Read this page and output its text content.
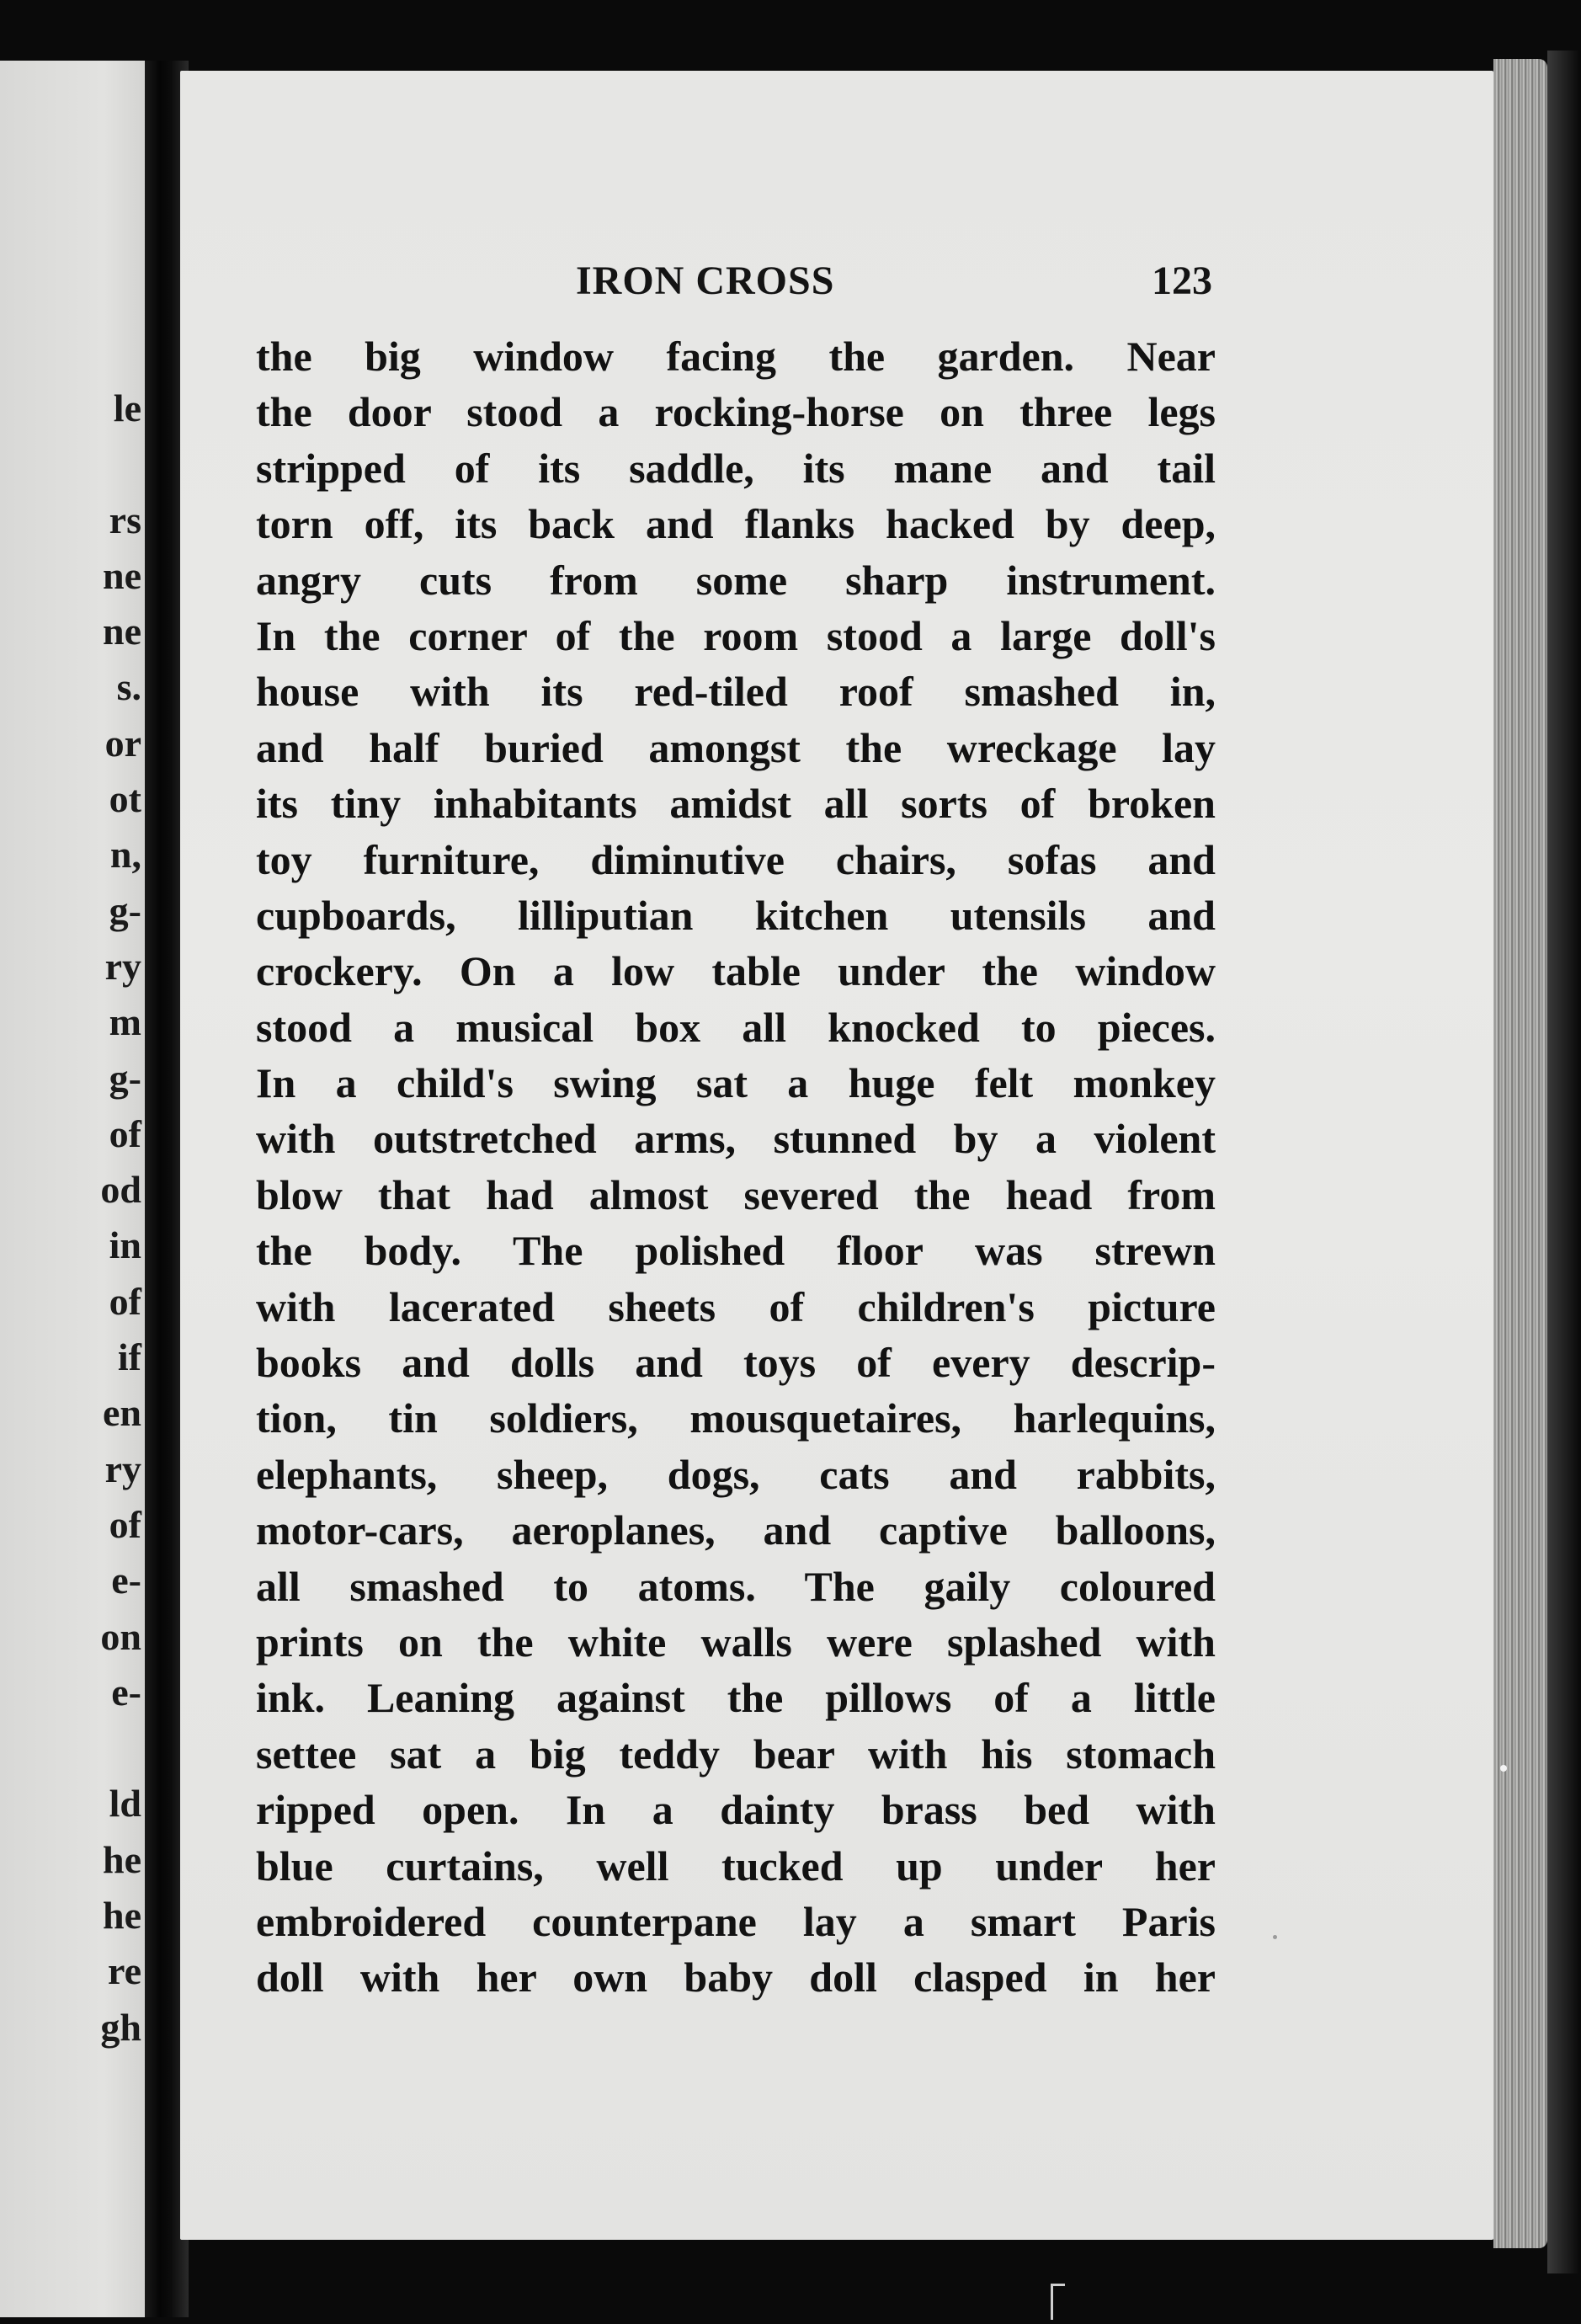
le
rs
ne
ne
s.
or
ot
n,
g-
ry
m
g-
of
od
in
of
if
en
ry
of
e-
on
e-
ld
he
he
re
gh
IRON CROSS	123
the big window facing the garden. Near
the door stood a rocking-horse on three legs
stripped of its saddle, its mane and tail
torn off, its back and flanks hacked by deep,
angry cuts from some sharp instrument.
In the corner of the room stood a large doll's
house with its red-tiled roof smashed in,
and half buried amongst the wreckage lay
its tiny inhabitants amidst all sorts of broken
toy furniture, diminutive chairs, sofas and
cupboards, lilliputian kitchen utensils and
crockery. On a low table under the window
stood a musical box all knocked to pieces.
In a child's swing sat a huge felt monkey
with outstretched arms, stunned by a violent
blow that had almost severed the head from
the body. The polished floor was strewn
with lacerated sheets of children's picture
books and dolls and toys of every descrip-
tion, tin soldiers, mousquetaires, harlequins,
elephants, sheep, dogs, cats and rabbits,
motor-cars, aeroplanes, and captive balloons,
all smashed to atoms. The gaily coloured
prints on the white walls were splashed with
ink. Leaning against the pillows of a little
settee sat a big teddy bear with his stomach
ripped open. In a dainty brass bed with
blue curtains, well tucked up under her
embroidered counterpane lay a smart Paris
doll with her own baby doll clasped in her
